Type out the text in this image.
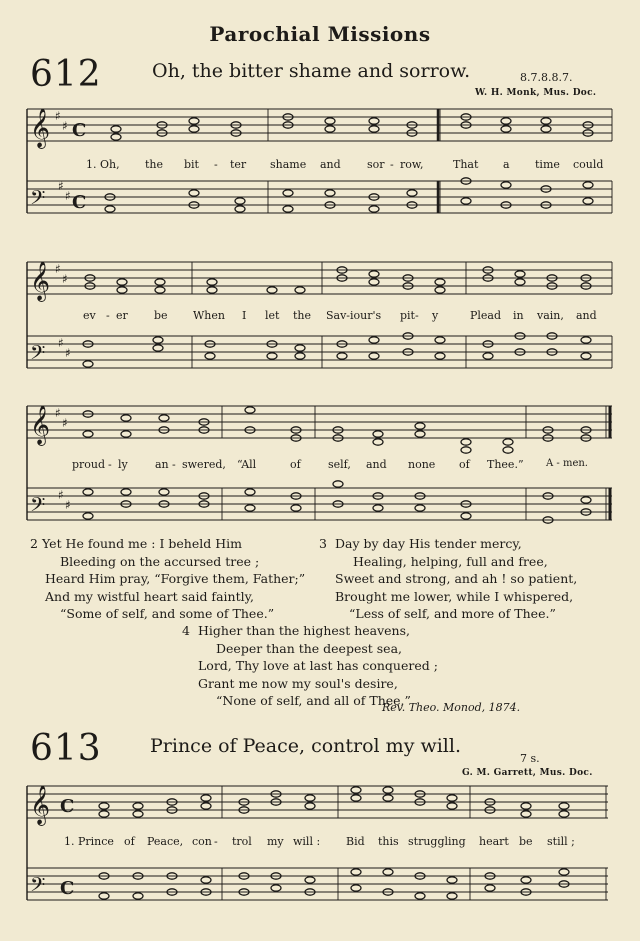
Parochial Missions
612	Oh, the bitter shame and sorrow.	8.7.8.8.7.
W. H. Monk, Mus. Doc.
𝄞
𝄢
𝄞
𝄢
𝄞
𝄢
𝄞
𝄢
♯
♯
♯
♯
C
C
♯
♯
♯
♯
♯
♯
♯
♯
C
C
1. Oh, the bit - ter shame and sor - row,	That a time could
ev - er be When I let the Sav-iour's pit - y	Plead in vain, and
proud - ly an - swered, “All	of self, and none of Thee.” A - men.
2 Yet He found me : I beheld Him
Bleeding on the accursed tree ;
Heard Him pray, “Forgive them, Father;”
And my wistful heart said faintly,
“Some of self, and some of Thee.”
3 Day by day His tender mercy,
Healing, helping, full and free,
Sweet and strong, and ah ! so patient,
Brought me lower, while I whispered,
“Less of self, and more of Thee.”
4 Higher than the highest heavens,
Deeper than the deepest sea,
Lord, Thy love at last has conquered ;
Grant me now my soul's desire,
“None of self, and all of Thee.”
Rev. Theo. Monod, 1874.
613	Prince of Peace, control my will.
7 s.
G. M. Garrett, Mus. Doc.
1. Prince of Peace, con - trol my will : Bid this struggling heart be still ;
